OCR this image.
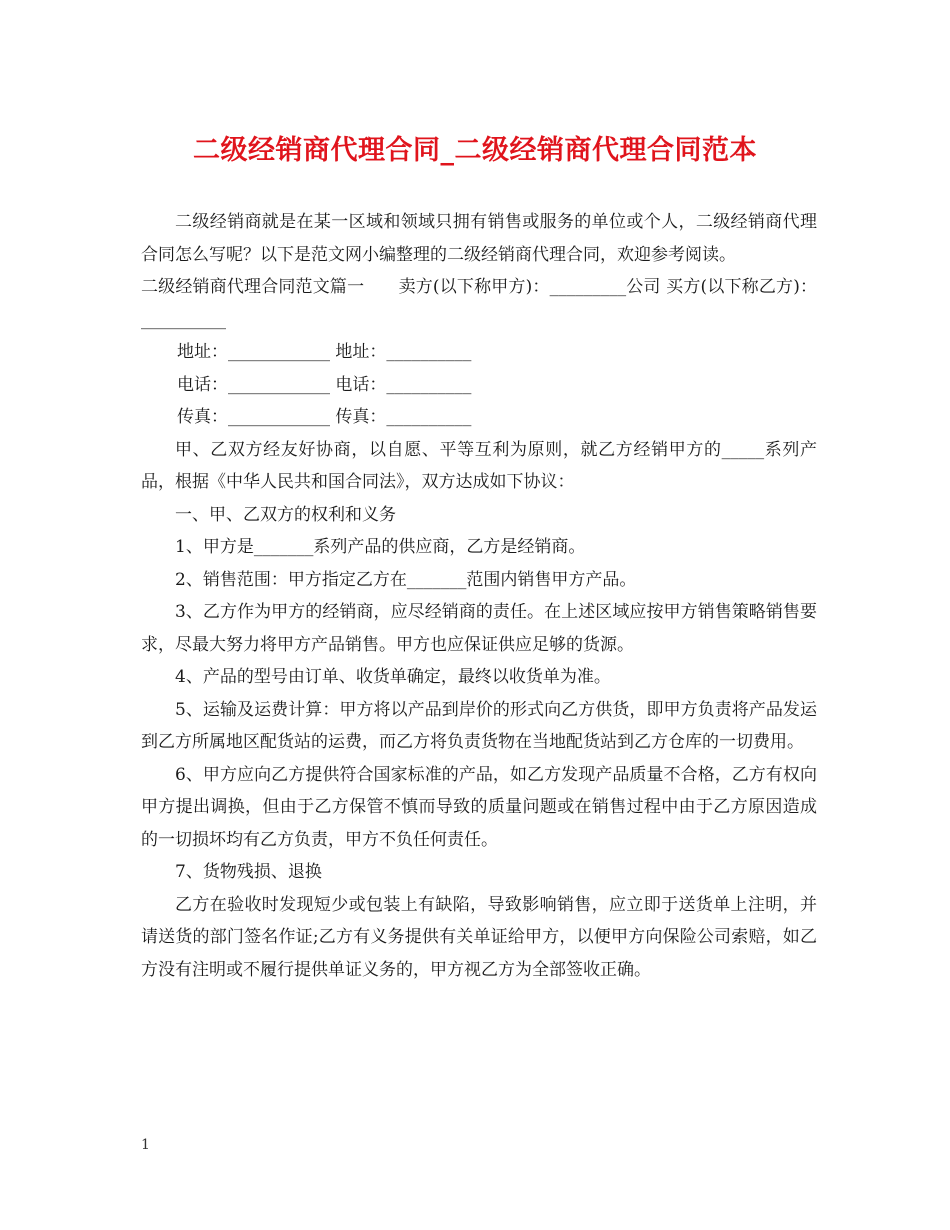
二级经销商代理合同_二级经销商代理合同范本

二级经销商就是在某一区域和领域只拥有销售或服务的单位或个人，二级经销商代理合同怎么写呢？以下是范文网小编整理的二级经销商代理合同，欢迎参考阅读。

二级经销商代理合同范文篇一　　卖方(以下称甲方)：_________公司 买方(以下称乙方)：__________

地址：____________ 地址：__________

电话：____________ 电话：__________

传真：____________ 传真：__________

甲、乙双方经友好协商，以自愿、平等互利为原则，就乙方经销甲方的_____系列产品，根据《中华人民共和国合同法》，双方达成如下协议：

一、甲、乙双方的权利和义务

1、甲方是_______系列产品的供应商，乙方是经销商。

2、销售范围：甲方指定乙方在_______范围内销售甲方产品。

3、乙方作为甲方的经销商，应尽经销商的责任。在上述区域应按甲方销售策略销售要求，尽最大努力将甲方产品销售。甲方也应保证供应足够的货源。

4、产品的型号由订单、收货单确定，最终以收货单为准。

5、运输及运费计算：甲方将以产品到岸价的形式向乙方供货，即甲方负责将产品发运到乙方所属地区配货站的运费，而乙方将负责货物在当地配货站到乙方仓库的一切费用。

6、甲方应向乙方提供符合国家标准的产品，如乙方发现产品质量不合格，乙方有权向甲方提出调换，但由于乙方保管不慎而导致的质量问题或在销售过程中由于乙方原因造成的一切损坏均有乙方负责，甲方不负任何责任。

7、货物残损、退换

乙方在验收时发现短少或包装上有缺陷，导致影响销售，应立即于送货单上注明，并请送货的部门签名作证;乙方有义务提供有关单证给甲方，以便甲方向保险公司索赔，如乙方没有注明或不履行提供单证义务的，甲方视乙方为全部签收正确。

1
